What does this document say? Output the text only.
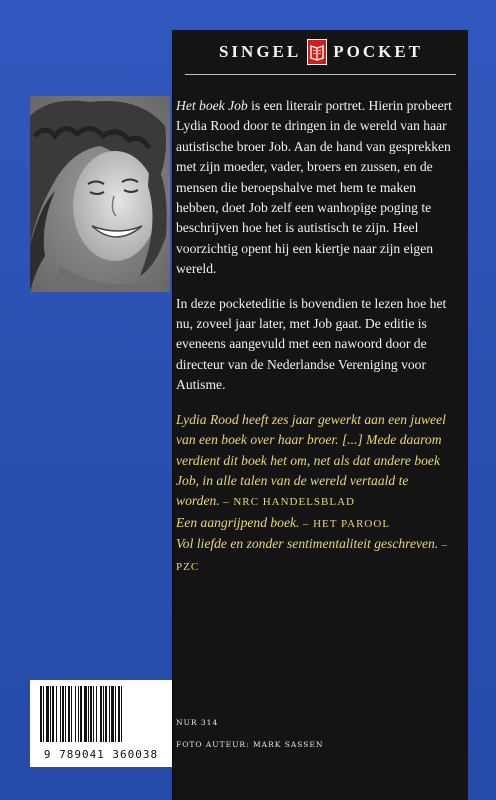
SINGEL POCKET

Het boek Job is een literair portret. Hierin probeert Lydia Rood door te dringen in de wereld van haar autistische broer Job. Aan de hand van gesprekken met zijn moeder, vader, broers en zussen, en de mensen die beroepshalve met hem te maken hebben, doet Job zelf een wanhopige poging te beschrijven hoe het is autistisch te zijn. Heel voorzichtig opent hij een kiertje naar zijn eigen wereld.

In deze pocketeditie is bovendien te lezen hoe het nu, zoveel jaar later, met Job gaat. De editie is eveneens aangevuld met een nawoord door de directeur van de Nederlandse Vereniging voor Autisme.

Lydia Rood heeft zes jaar gewerkt aan een juweel van een boek over haar broer. [...] Mede daarom verdient dit boek het om, net als dat andere boek Job, in alle talen van de wereld vertaald te worden. – NRC HANDELSBLAD
Een aangrijpend boek. – HET PAROOL
Vol liefde en zonder sentimentaliteit geschreven. – PZC

9 789041 360038
NUR 314
FOTO AUTEUR: MARK SASSEN
